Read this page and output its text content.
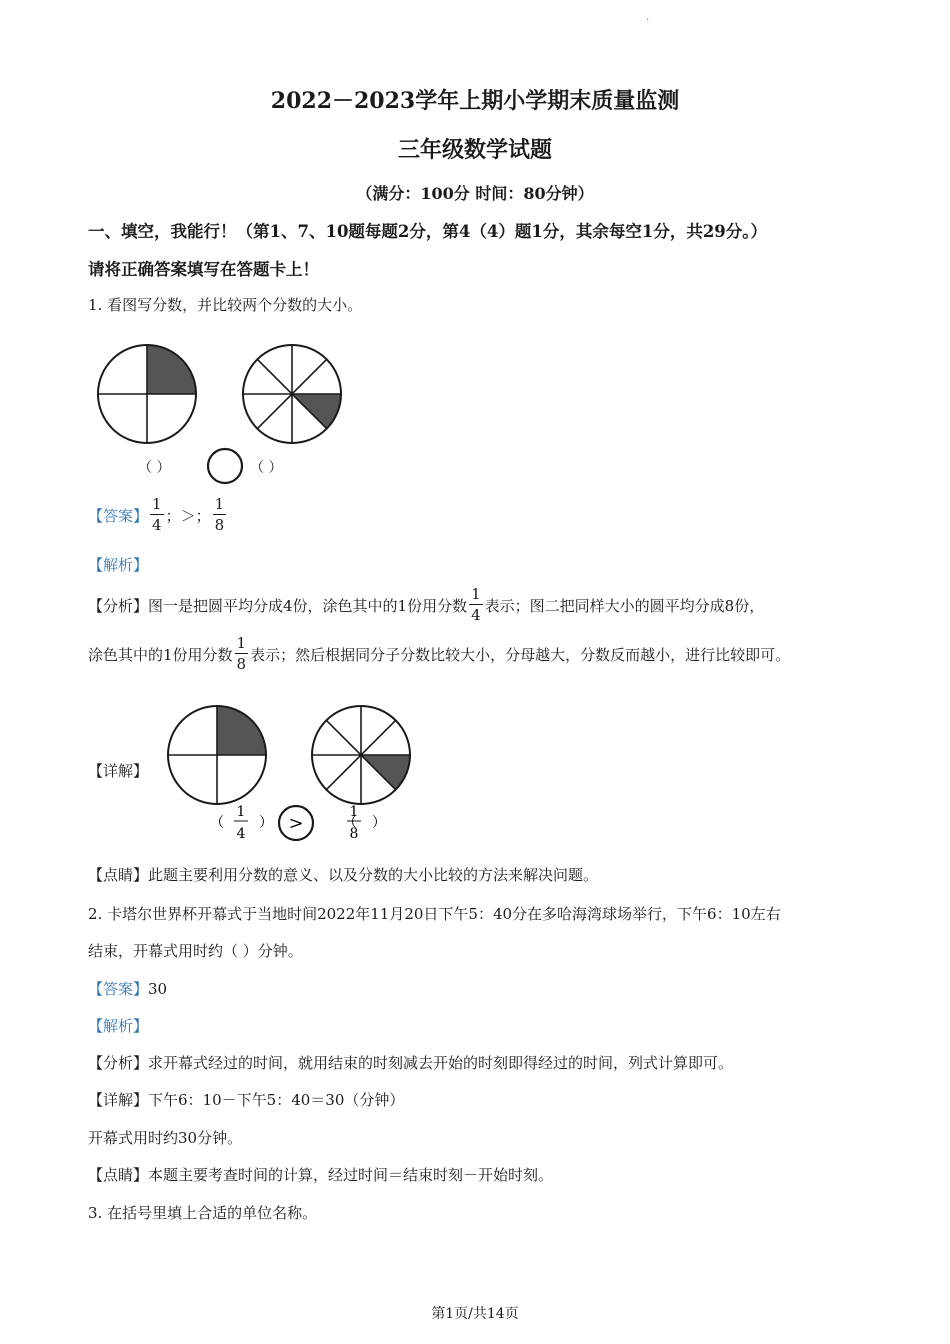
.
2022－2023学年上期小学期末质量监测
三年级数学试题
（满分：100分 时间：80分钟）
一、填空，我能行！（第1、7、10题每题2分，第4（4）题1分，其余每空1分，共29分。）
请将正确答案填写在答题卡上！
1. 看图写分数，并比较两个分数的大小。
（ ）	（ ）
【答案】 $\frac{1}{4}$ ； ＞ ； $\frac{1}{8}$
【解析】
【分析】 图一是把圆平均分成4份，涂色其中的1份用分数 $\frac{1}{4}$ 表示；图二把同样大小的圆平均分成8份，
涂色其中的1份用分数 $\frac{1}{8}$ 表示；然后根据同分子分数比较大小，分母越大，分数反而越小，进行比较即可。
【详解】
（	）	（ ）
1
4 >
1
8
【点睛】此题主要利用分数的意义、以及分数的大小比较的方法来解决问题。
2. 卡塔尔世界杯开幕式于当地时间2022年11月20日下午5：40分在多哈海湾球场举行，下午6：10左右
结束，开幕式用时约（ ）分钟。
【答案】30
【解析】
【分析】求开幕式经过的时间，就用结束的时刻减去开始的时刻即得经过的时间，列式计算即可。
【详解】下午6：10－下午5：40＝30（分钟）
开幕式用时约30分钟。
【点睛】本题主要考查时间的计算，经过时间＝结束时刻－开始时刻。
3. 在括号里填上合适的单位名称。
第1页/共14页
